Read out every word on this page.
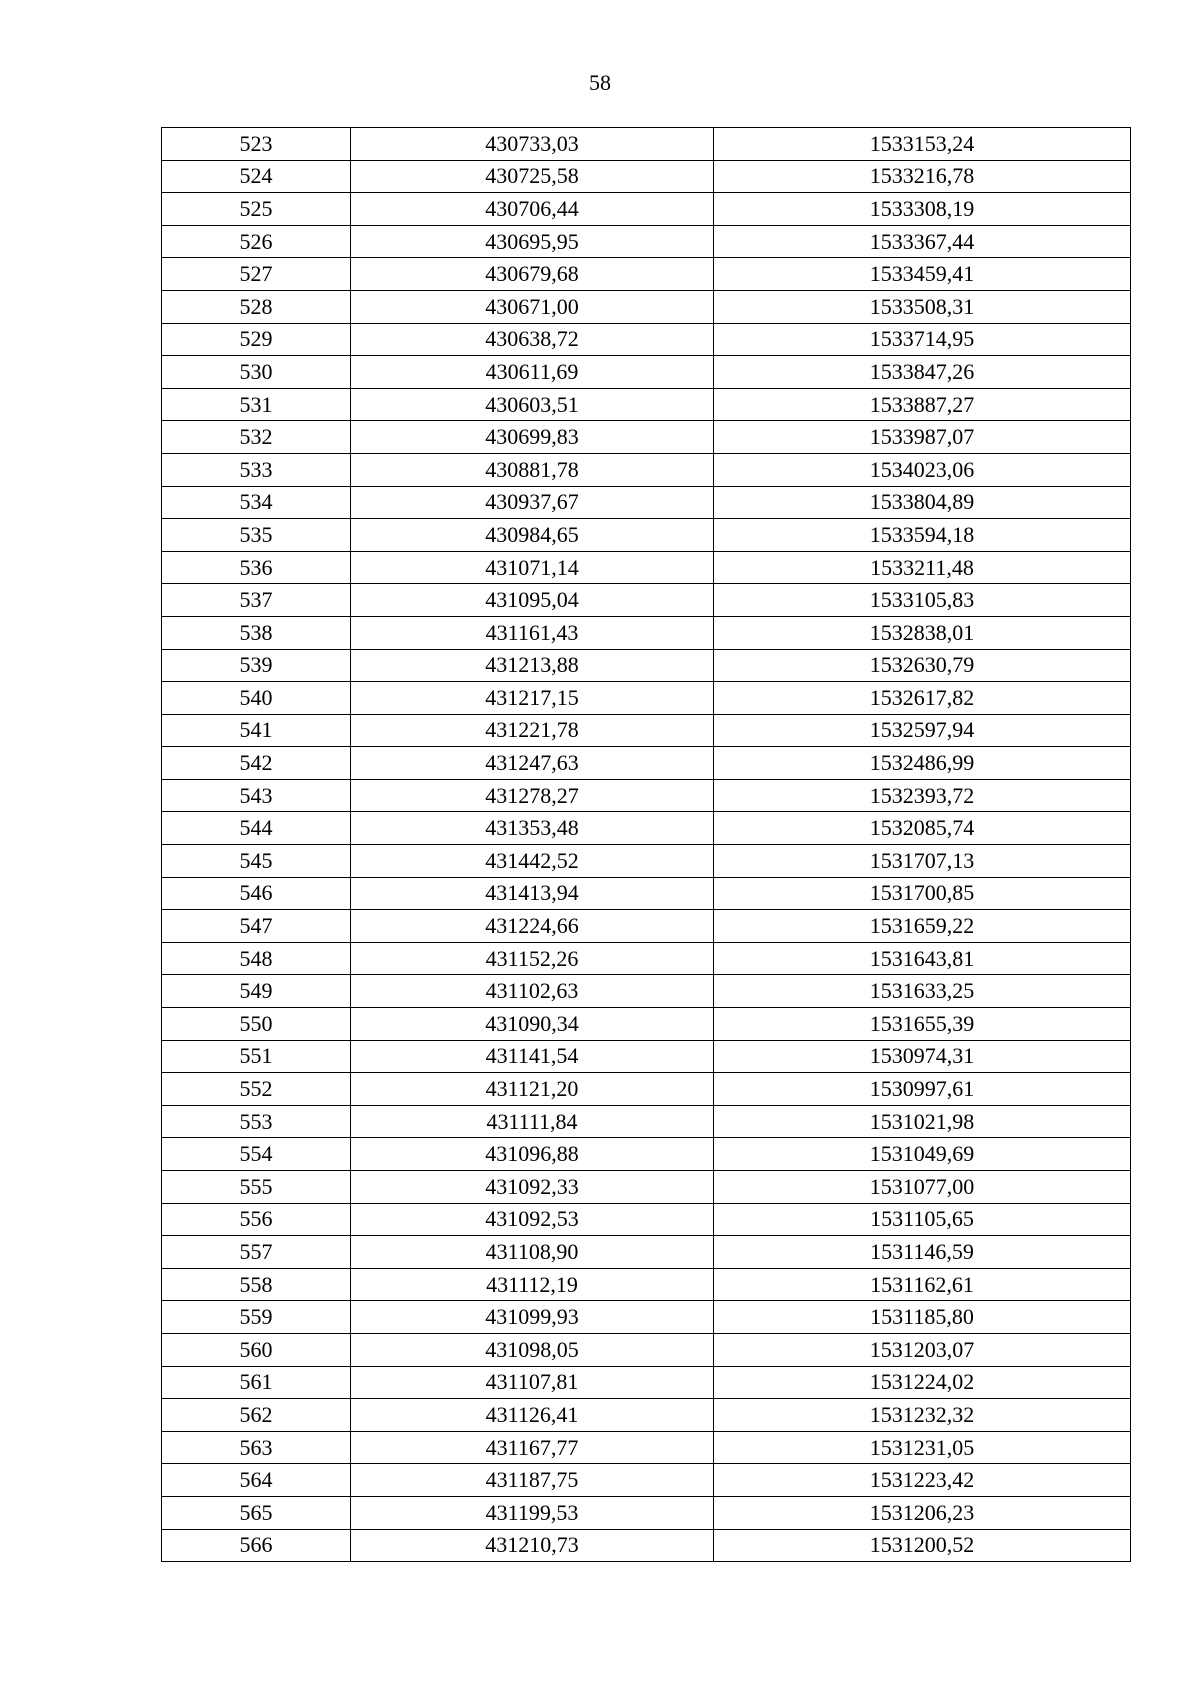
58
523	430733,03	1533153,24
524	430725,58	1533216,78
525	430706,44	1533308,19
526	430695,95	1533367,44
527	430679,68	1533459,41
528	430671,00	1533508,31
529	430638,72	1533714,95
530	430611,69	1533847,26
531	430603,51	1533887,27
532	430699,83	1533987,07
533	430881,78	1534023,06
534	430937,67	1533804,89
535	430984,65	1533594,18
536	431071,14	1533211,48
537	431095,04	1533105,83
538	431161,43	1532838,01
539	431213,88	1532630,79
540	431217,15	1532617,82
541	431221,78	1532597,94
542	431247,63	1532486,99
543	431278,27	1532393,72
544	431353,48	1532085,74
545	431442,52	1531707,13
546	431413,94	1531700,85
547	431224,66	1531659,22
548	431152,26	1531643,81
549	431102,63	1531633,25
550	431090,34	1531655,39
551	431141,54	1530974,31
552	431121,20	1530997,61
553	431111,84	1531021,98
554	431096,88	1531049,69
555	431092,33	1531077,00
556	431092,53	1531105,65
557	431108,90	1531146,59
558	431112,19	1531162,61
559	431099,93	1531185,80
560	431098,05	1531203,07
561	431107,81	1531224,02
562	431126,41	1531232,32
563	431167,77	1531231,05
564	431187,75	1531223,42
565	431199,53	1531206,23
566	431210,73	1531200,52
